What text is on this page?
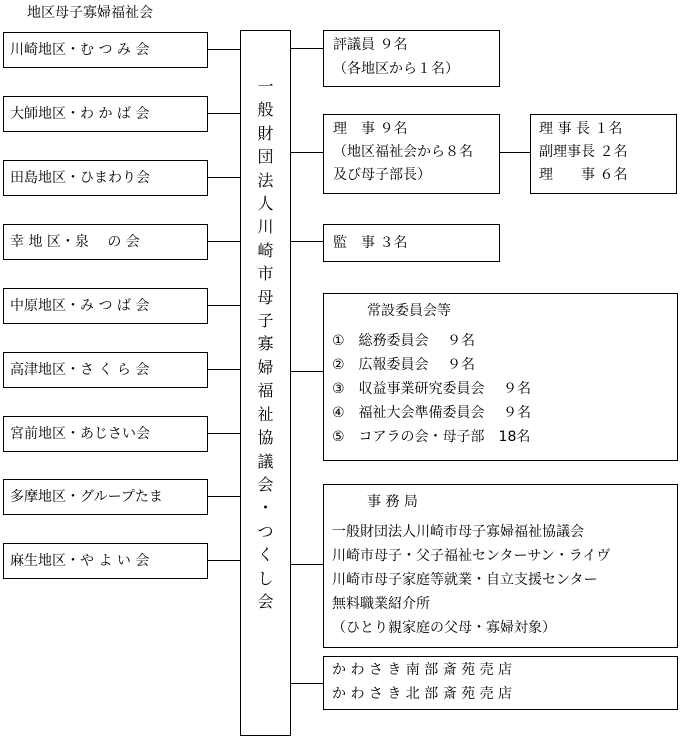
地区母子寡婦福祉会
川崎地区・む つ み 会
大師地区・わ か ば 会
田島地区・ひまわり会
幸 地 区・泉　 の 会
中原地区・み つ ば 会
高津地区・さ く ら 会
宮前地区・あじさい会
多摩地区・グループたま
麻生地区・や よ い 会
一
般
財
団
法
人
川
崎
市
母
子
寡
婦
福
祉
協
議
会
・
つ
く
し
会
評議員 ９名
（各地区から１名）
理　事 ９名
（地区福祉会から８名
及び母子部長）
理 事 長 １名
副理事長 ２名
理　　事 ６名
監　事 ３名
常設委員会等
①　総務委員会　 ９名
②　広報委員会　 ９名
③　収益事業研究委員会　 ９名
④　福祉大会準備委員会　 ９名
⑤　コアラの会・母子部　18名
事 務 局
一般財団法人川崎市母子寡婦福祉協議会
川崎市母子・父子福祉センターサン・ライヴ
川崎市母子家庭等就業・自立支援センター
無料職業紹介所
（ひとり親家庭の父母・寡婦対象）
か わ さ き 南 部 斎 苑 売 店
か わ さ き 北 部 斎 苑 売 店
